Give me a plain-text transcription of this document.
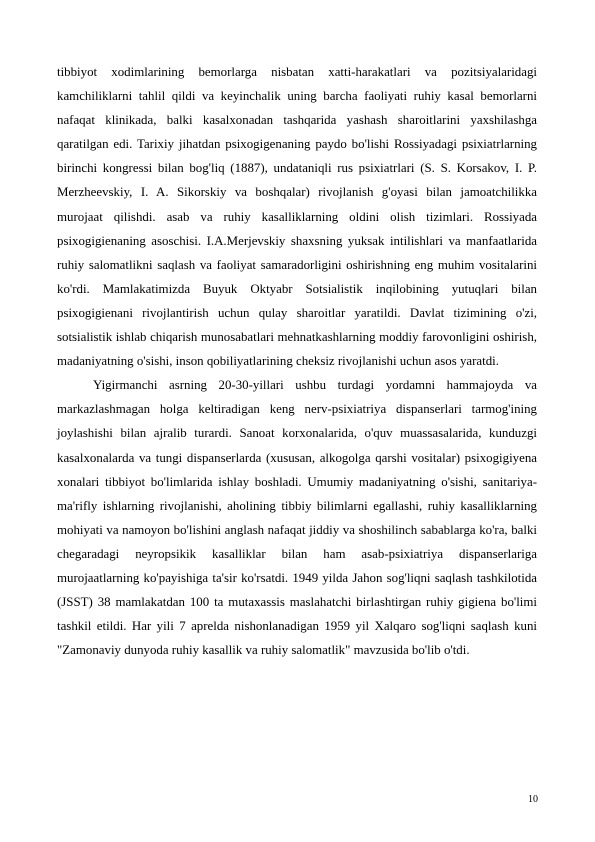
tibbiyot xodimlarining bemorlarga nisbatan xatti-harakatlari va pozitsiyalaridagi kamchiliklarni tahlil qildi va keyinchalik uning barcha faoliyati ruhiy kasal bemorlarni nafaqat klinikada, balki kasalxonadan tashqarida yashash sharoitlarini yaxshilashga qaratilgan edi. Tarixiy jihatdan psixogigenaning paydo bo'lishi Rossiyadagi psixiatrlarning birinchi kongressi bilan bog'liq (1887), undataniqli rus psixiatrlari (S. S. Korsakov, I. P. Merzheevskiy, I. A. Sikorskiy va boshqalar) rivojlanish g'oyasi bilan jamoatchilikka murojaat qilishdi. asab va ruhiy kasalliklarning oldini olish tizimlari. Rossiyada psixogigienaning asoschisi. I.A.Merjevskiy shaxsning yuksak intilishlari va manfaatlarida ruhiy salomatlikni saqlash va faoliyat samaradorligini oshirishning eng muhim vositalarini ko'rdi. Mamlakatimizda Buyuk Oktyabr Sotsialistik inqilobining yutuqlari bilan psixogigienani rivojlantirish uchun qulay sharoitlar yaratildi. Davlat tizimining o'zi, sotsialistik ishlab chiqarish munosabatlari mehnatkashlarning moddiy farovonligini oshirish, madaniyatning o'sishi, inson qobiliyatlarining cheksiz rivojlanishi uchun asos yaratdi.

Yigirmanchi asrning 20-30-yillari ushbu turdagi yordamni hammajoyda va markazlashmagan holga keltiradigan keng nerv-psixiatriya dispanserlari tarmog'ining joylashishi bilan ajralib turardi. Sanoat korxonalarida, o'quv muassasalarida, kunduzgi kasalxonalarda va tungi dispanserlarda (xususan, alkogolga qarshi vositalar) psixogigiyena xonalari tibbiyot bo'limlarida ishlay boshladi. Umumiy madaniyatning o'sishi, sanitariya-ma'rifly ishlarning rivojlanishi, aholining tibbiy bilimlarni egallashi, ruhiy kasalliklarning mohiyati va namoyon bo'lishini anglash nafaqat jiddiy va shoshilinch sabablarga ko'ra, balki chegaradagi neyropsikik kasalliklar bilan ham asab-psixiatriya dispanserlariga murojaatlarning ko'payishiga ta'sir ko'rsatdi. 1949 yilda Jahon sog'liqni saqlash tashkilotida (JSST) 38 mamlakatdan 100 ta mutaxassis maslahatchi birlashtirgan ruhiy gigiena bo'limi tashkil etildi. Har yili 7 aprelda nishonlanadigan 1959 yil Xalqaro sog'liqni saqlash kuni "Zamonaviy dunyoda ruhiy kasallik va ruhiy salomatlik" mavzusida bo'lib o'tdi.

10
